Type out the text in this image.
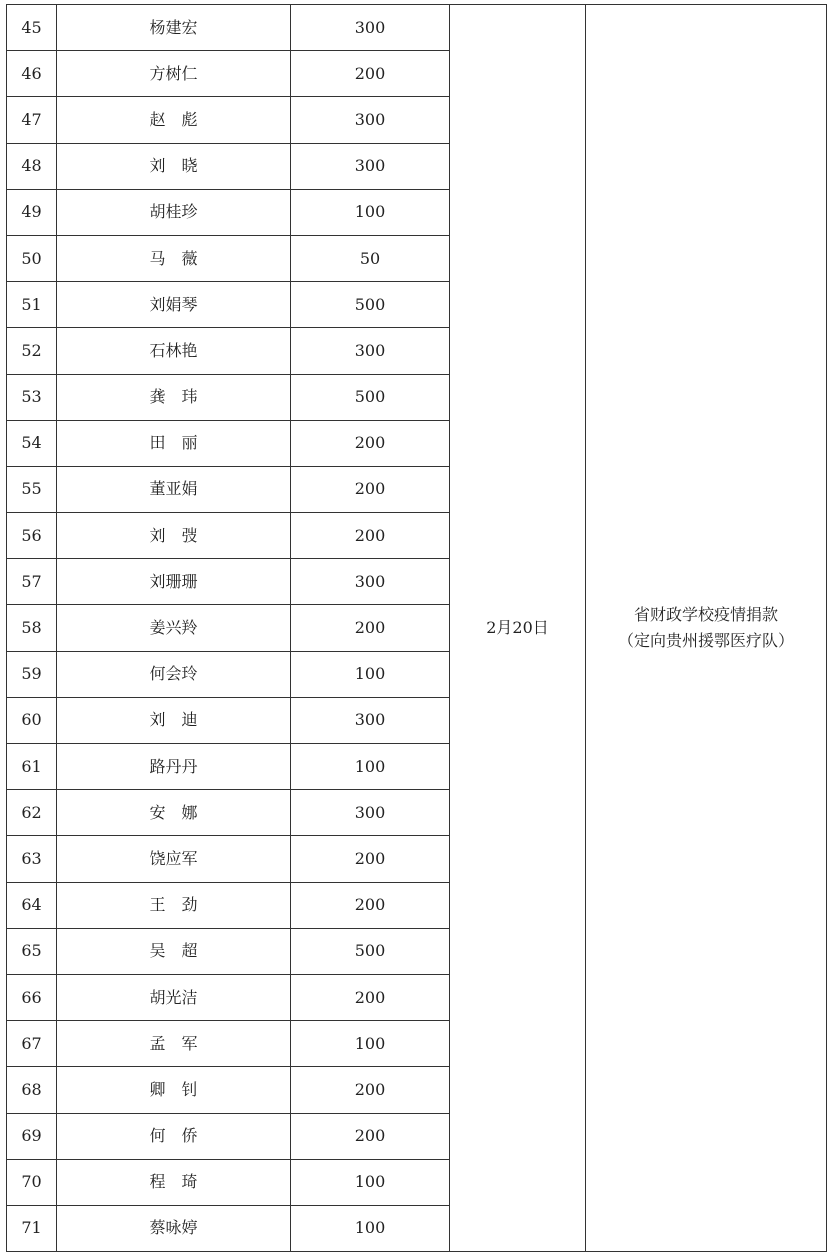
45	杨建宏	300	2月20日	省财政学校疫情捐款
（定向贵州援鄂医疗队）

46	方树仁	200		
47	赵　彪	300		
48	刘　晓	300		
49	胡桂珍	100		
50	马　薇	50		
51	刘娟琴	500		
52	石林艳	300		
53	龚　玮	500		
54	田　丽	200		
55	董亚娟	200		
56	刘　弢	200		
57	刘珊珊	300		
58	姜兴羚	200		
59	何会玲	100		
60	刘　迪	300		
61	路丹丹	100		
62	安　娜	300		
63	饶应军	200		
64	王　劲	200		
65	吴　超	500		
66	胡光洁	200		
67	孟　军	100		
68	卿　钊	200		
69	何　侨	200		
70	程　琦	100		
71	蔡咏婷	100		
